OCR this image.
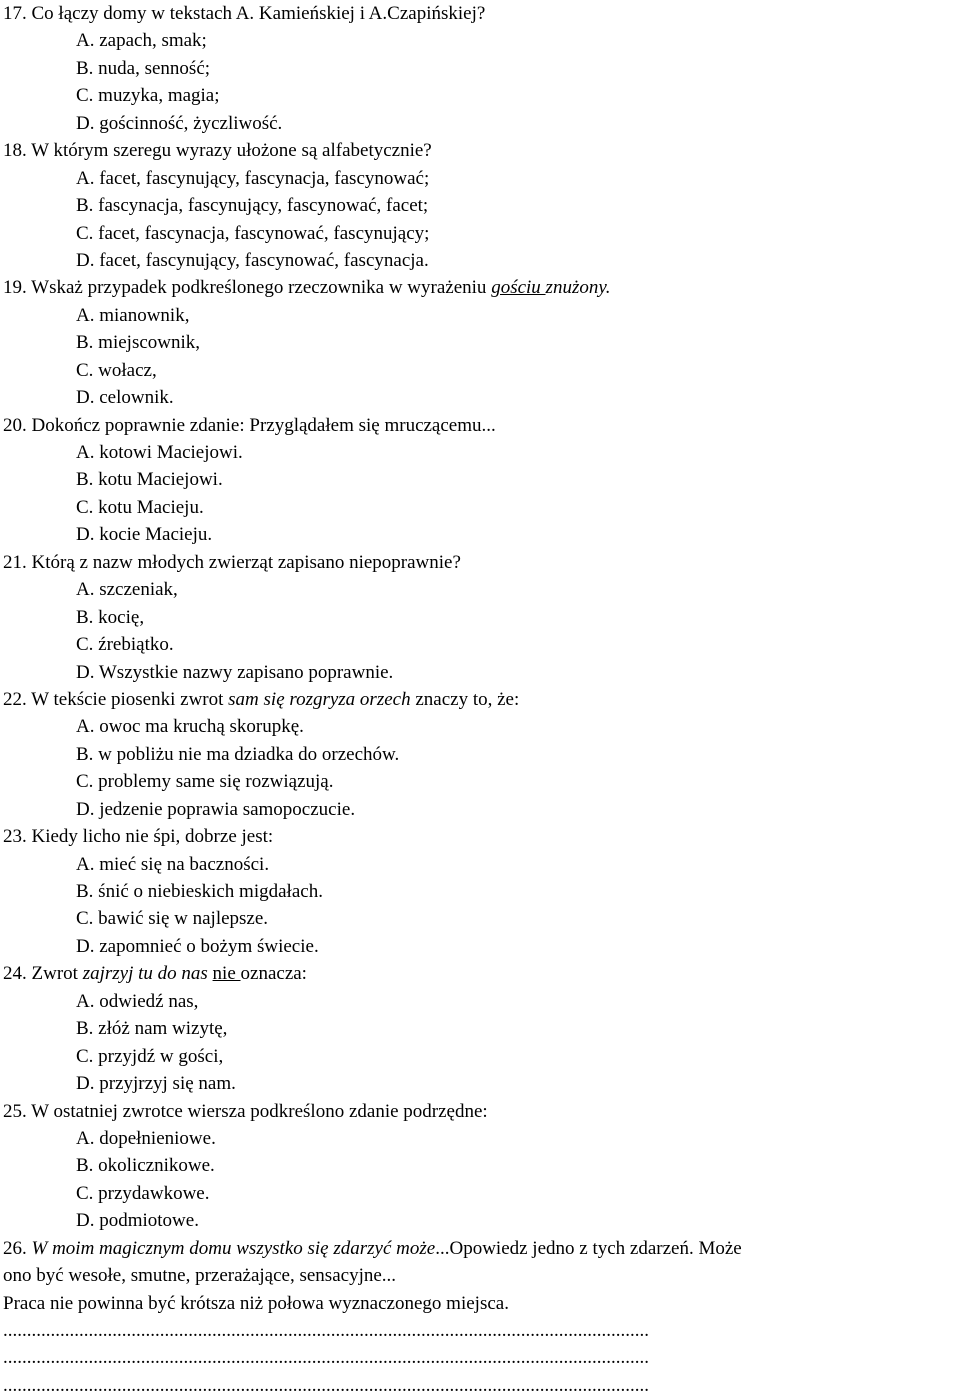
17. Co łączy domy w tekstach A. Kamieńskiej i A.Czapińskiej?
A. zapach, smak;
B. nuda, senność;
C. muzyka, magia;
D. gościnność, życzliwość.
18. W którym szeregu wyrazy ułożone są alfabetycznie?
A. facet, fascynujący, fascynacja, fascynować;
B. fascynacja, fascynujący, fascynować, facet;
C. facet, fascynacja, fascynować, fascynujący;
D. facet, fascynujący, fascynować, fascynacja.
19. Wskaż przypadek podkreślonego rzeczownika w wyrażeniu gościu znużony.
A. mianownik,
B. miejscownik,
C. wołacz,
D. celownik.
20. Dokończ poprawnie zdanie: Przyglądałem się mruczącemu...
A. kotowi Maciejowi.
B. kotu Maciejowi.
C. kotu Macieju.
D. kocie Macieju.
21. Którą z nazw młodych zwierząt zapisano niepoprawnie?
A. szczeniak,
B. kocię,
C. źrebiątko.
D. Wszystkie nazwy zapisano poprawnie.
22. W tekście piosenki zwrot sam się rozgryza orzech znaczy to, że:
A. owoc ma kruchą skorupkę.
B. w pobliżu nie ma dziadka do orzechów.
C. problemy same się rozwiązują.
D. jedzenie poprawia samopoczucie.
23. Kiedy licho nie śpi, dobrze jest:
A. mieć się na baczności.
B. śnić o niebieskich migdałach.
C. bawić się w najlepsze.
D. zapomnieć o bożym świecie.
24. Zwrot zajrzyj tu do nas nie oznacza:
A. odwiedź nas,
B. złóż nam wizytę,
C. przyjdź w gości,
D. przyjrzyj się nam.
25. W ostatniej zwrotce wiersza podkreślono zdanie podrzędne:
A. dopełnieniowe.
B. okolicznikowe.
C. przydawkowe.
D. podmiotowe.
26. W moim magicznym domu wszystko się zdarzyć może...Opowiedz jedno z tych zdarzeń. Może
ono być wesołe, smutne, przerażające, sensacyjne...
Praca nie powinna być krótsza niż połowa wyznaczonego miejsca.
........................................................................................................................................
........................................................................................................................................
........................................................................................................................................
